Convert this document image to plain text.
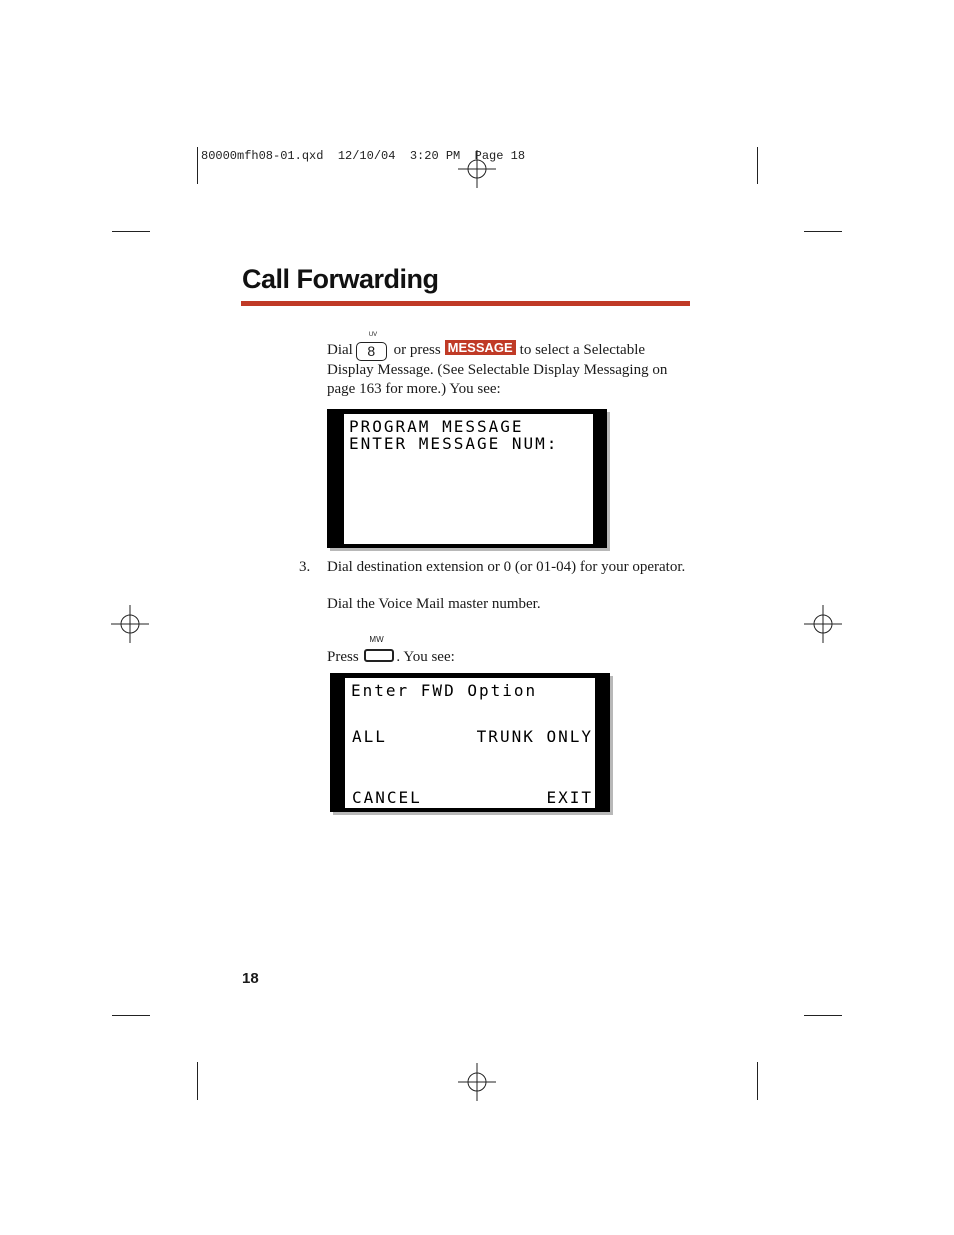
80000mfh08-01.qxd  12/10/04  3:20 PM  Page 18
Call Forwarding
Dial
UV
8 or press MESSAGE to select a Selectable
Display Message. (See Selectable Display Messaging on
page 163 for more.) You see:
PROGRAM MESSAGE
ENTER MESSAGE NUM:
3. Dial destination extension or 0 (or 01-04) for your operator.
Dial the Voice Mail master number.
Press
MW
. You see:
Enter FWD Option
ALL	TRUNK ONLY
CANCEL	EXIT
18
